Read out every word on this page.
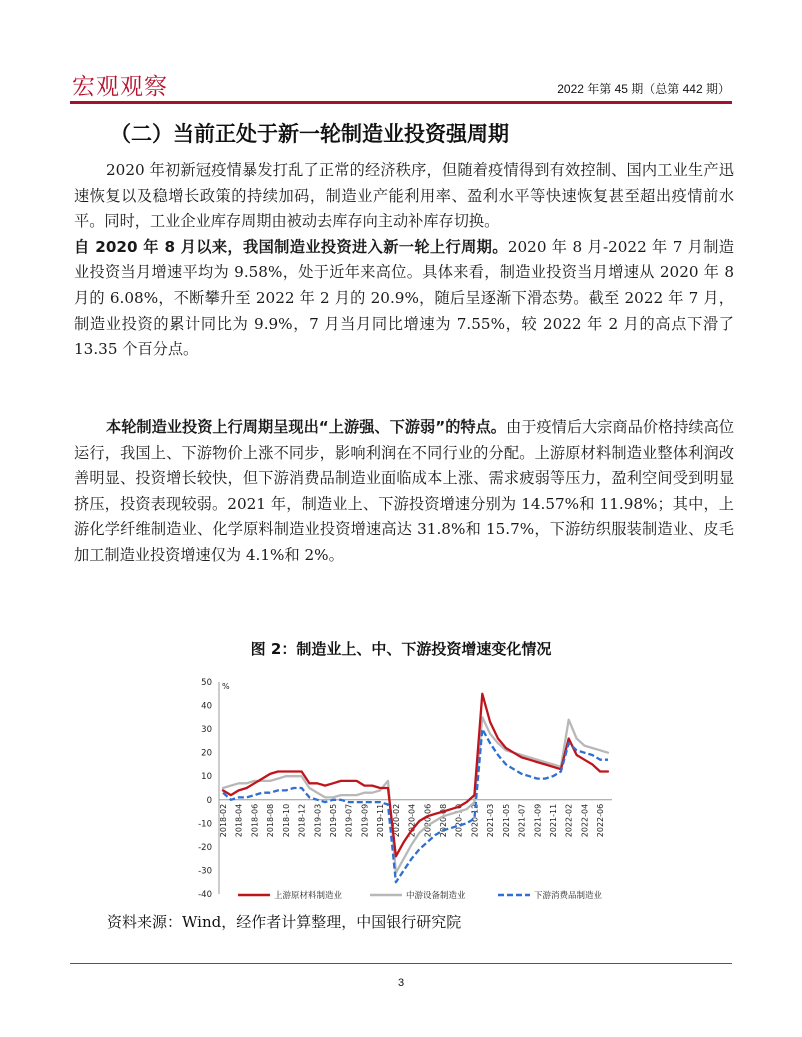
宏观观察	2022 年第 45 期（总第 442 期）
（二）当前正处于新一轮制造业投资强周期

2020 年初新冠疫情暴发打乱了正常的经济秩序，但随着疫情得到有效控制、国内工业生产迅速恢复以及稳增长政策的持续加码，制造业产能利用率、盈利水平等快速恢复甚至超出疫情前水平。同时，工业企业库存周期由被动去库存向主动补库存切换。

自 2020 年 8 月以来，我国制造业投资进入新一轮上行周期。2020 年 8 月-2022 年 7 月制造业投资当月增速平均为 9.58%，处于近年来高位。具体来看，制造业投资当月增速从 2020 年 8 月的 6.08%，不断攀升至 2022 年 2 月的 20.9%，随后呈逐渐下滑态势。截至 2022 年 7 月，制造业投资的累计同比为 9.9%，7 月当月同比增速为 7.55%，较 2022 年 2 月的高点下滑了 13.35 个百分点。

本轮制造业投资上行周期呈现出“上游强、下游弱”的特点。由于疫情后大宗商品价格持续高位运行，我国上、下游物价上涨不同步，影响利润在不同行业的分配。上游原材料制造业整体利润改善明显、投资增长较快，但下游消费品制造业面临成本上涨、需求疲弱等压力，盈利空间受到明显挤压，投资表现较弱。2021 年，制造业上、下游投资增速分别为 14.57%和 11.98%；其中，上游化学纤维制造业、化学原料制造业投资增速高达 31.8%和 15.7%，下游纺织服装制造业、皮毛加工制造业投资增速仅为 4.1%和 2%。

图 2：制造业上、中、下游投资增速变化情况
50
40
30
20
10
0
-10
-20
-30
-40
%
2018-02 2018-04 2018-06 2018-08 2018-10 2018-12 2019-03 2019-05 2019-07 2019-09 2019-11 2020-02 2020-04 2020-06 2020-08 2020-10 2020-12 2021-03 2021-05 2021-07 2021-09 2021-11 2022-02 2022-04 2022-06
上游原材料制造业	中游设备制造业	下游消费品制造业
资料来源：Wind，经作者计算整理，中国银行研究院
3
